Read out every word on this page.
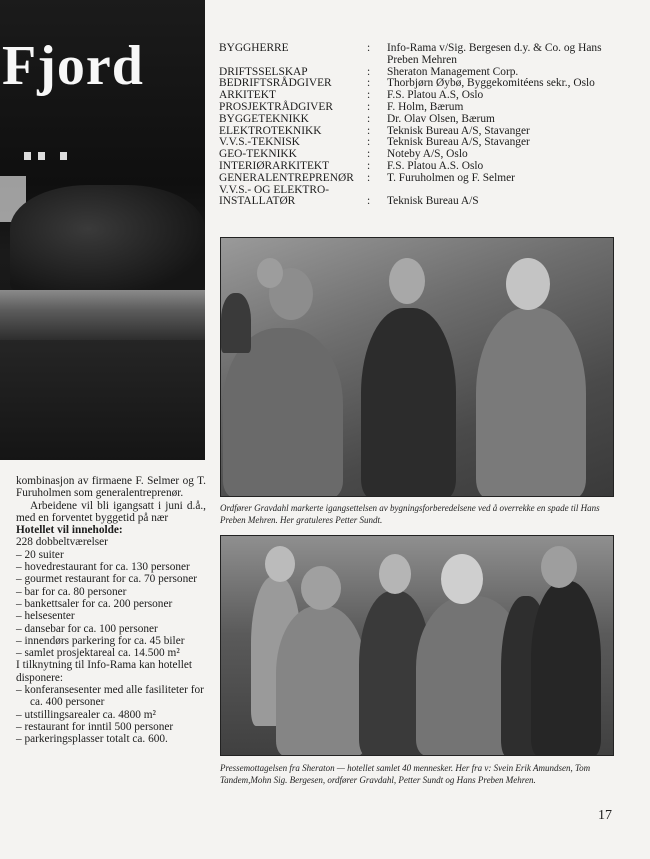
Fjord	BYGGHERRE	:	Info-Rama v/Sig. Bergesen d.y. & Co. og Hans Preben Mehren
DRIFTSSELSKAP	:	Sheraton Management Corp.
BEDRIFTSRÅDGIVER	:	Thorbjørn Øybø, Byggekomitéens sekr., Oslo
ARKITEKT	:	F.S. Platou A.S, Oslo
PROSJEKTRÅDGIVER	:	F. Holm, Bærum
BYGGETEKNIKK	:	Dr. Olav Olsen, Bærum
ELEKTROTEKNIKK	:	Teknisk Bureau A/S, Stavanger
V.V.S.-TEKNISK	:	Teknisk Bureau A/S, Stavanger
GEO-TEKNIKK	:	Noteby A/S, Oslo
INTERIØRARKITEKT	:	F.S. Platou A.S. Oslo
GENERALENTREPRENØR	:	T. Furuholmen og F. Selmer
V.V.S.- OG ELEKTRO-
INSTALLATØR	:	Teknisk Bureau A/S
Ordfører Gravdahl markerte igangsettelsen av bygningsforberedelsene ved å overrekke en spade til Hans Preben Mehren. Her gratuleres Petter Sundt.
Pressemottagelsen fra Sheraton — hotellet samlet 40 mennesker. Her fra v: Svein Erik Amundsen, Tom Tandem,Mohn Sig. Bergesen, ordfører Gravdahl, Petter Sundt og Hans Preben Mehren.

kombinasjon av firmaene F. Selmer og T. Furuholmen som generalentreprenør.

Arbeidene vil bli igangsatt i juni d.å., med en forventet byggetid på nær

Hotellet vil inneholde:

228 dobbeltværelser
– 20 suiter
– hovedrestaurant for ca. 130 personer
– gourmet restaurant for ca. 70 personer
– bar for ca. 80 personer
– bankettsaler for ca. 200 personer
– helsesenter
– dansebar for ca. 100 personer
– innendørs parkering for ca. 45 biler
– samlet prosjektareal ca. 14.500 m²

I tilknytning til Info-Rama kan hotellet disponere:

– konferansesenter med alle fasiliteter for ca. 400 personer
– utstillingsarealer ca. 4800 m²
– restaurant for inntil 500 personer
– parkeringsplasser totalt ca. 600.
17
